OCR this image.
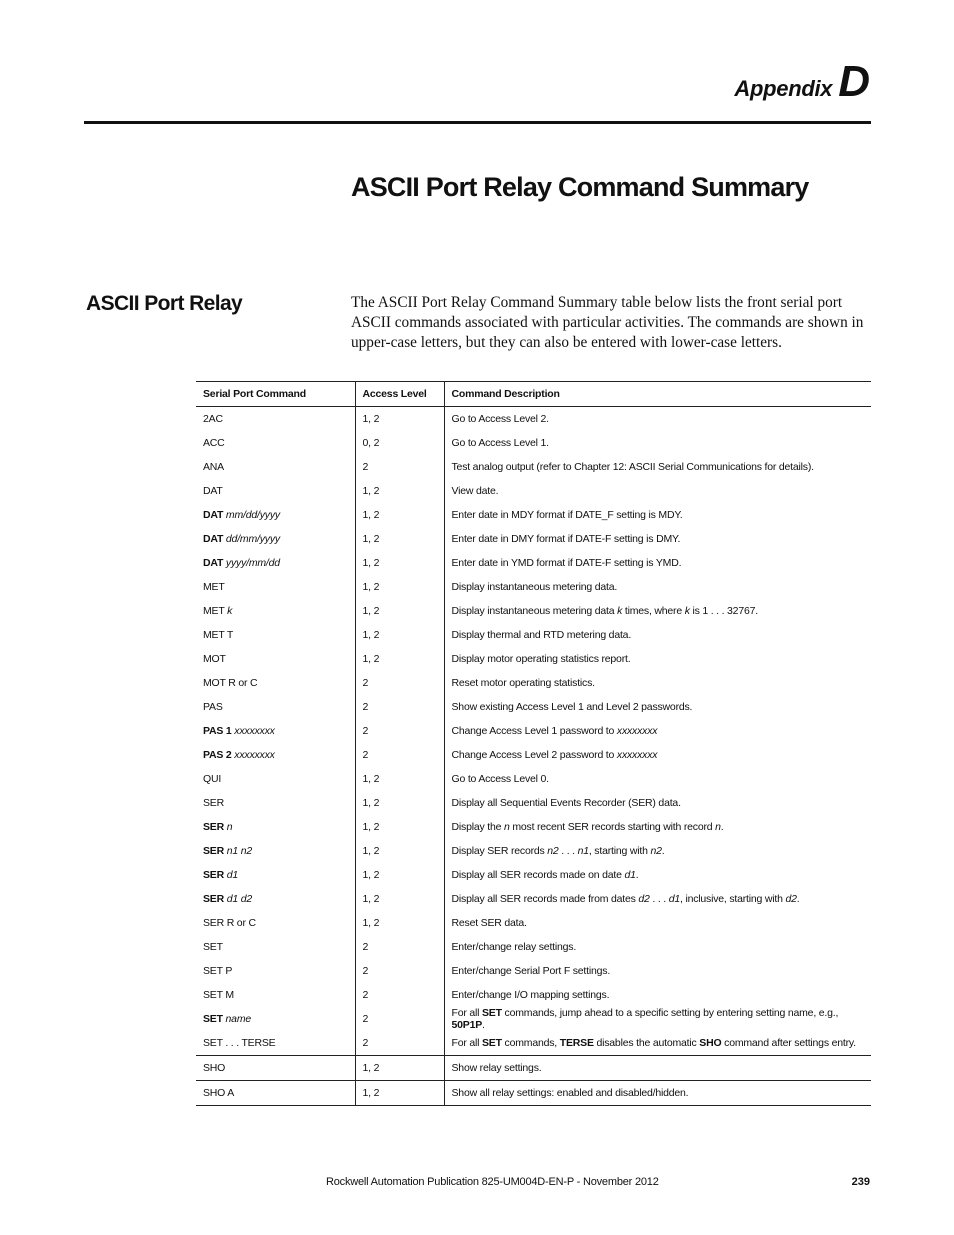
Appendix D
ASCII Port Relay Command Summary
ASCII Port Relay	The ASCII Port Relay Command Summary table below lists the front serial port ASCII commands associated with particular activities. The commands are shown in upper-case letters, but they can also be entered with lower-case letters.
Serial Port Command	Access Level	Command Description
2AC	1, 2	Go to Access Level 2.
ACC	0, 2	Go to Access Level 1.
ANA	2	Test analog output (refer to Chapter 12: ASCII Serial Communications for details).
DAT	1, 2	View date.
DAT mm/dd/yyyy	1, 2	Enter date in MDY format if DATE_F setting is MDY.
DAT dd/mm/yyyy	1, 2	Enter date in DMY format if DATE-F setting is DMY.
DAT yyyy/mm/dd	1, 2	Enter date in YMD format if DATE-F setting is YMD.
MET	1, 2	Display instantaneous metering data.
MET k	1, 2	Display instantaneous metering data k times, where k is 1 . . . 32767.
MET T	1, 2	Display thermal and RTD metering data.
MOT	1, 2	Display motor operating statistics report.
MOT R or C	2	Reset motor operating statistics.
PAS	2	Show existing Access Level 1 and Level 2 passwords.
PAS 1 xxxxxxxx	2	Change Access Level 1 password to xxxxxxxx
PAS 2 xxxxxxxx	2	Change Access Level 2 password to xxxxxxxx
QUI	1, 2	Go to Access Level 0.
SER	1, 2	Display all Sequential Events Recorder (SER) data.
SER n	1, 2	Display the n most recent SER records starting with record n.
SER n1 n2	1, 2	Display SER records n2 . . . n1, starting with n2.
SER d1	1, 2	Display all SER records made on date d1.
SER d1 d2	1, 2	Display all SER records made from dates d2 . . . d1, inclusive, starting with d2.
SER R or C	1, 2	Reset SER data.
SET	2	Enter/change relay settings.
SET P	2	Enter/change Serial Port F settings.
SET M	2	Enter/change I/O mapping settings.
SET name	2	For all SET commands, jump ahead to a specific setting by entering setting name, e.g., 50P1P.
SET . . . TERSE	2	For all SET commands, TERSE disables the automatic SHO command after settings entry.
SHO	1, 2	Show relay settings.
SHO A	1, 2	Show all relay settings: enabled and disabled/hidden.
Rockwell Automation Publication 825-UM004D-EN-P - November 2012	239
